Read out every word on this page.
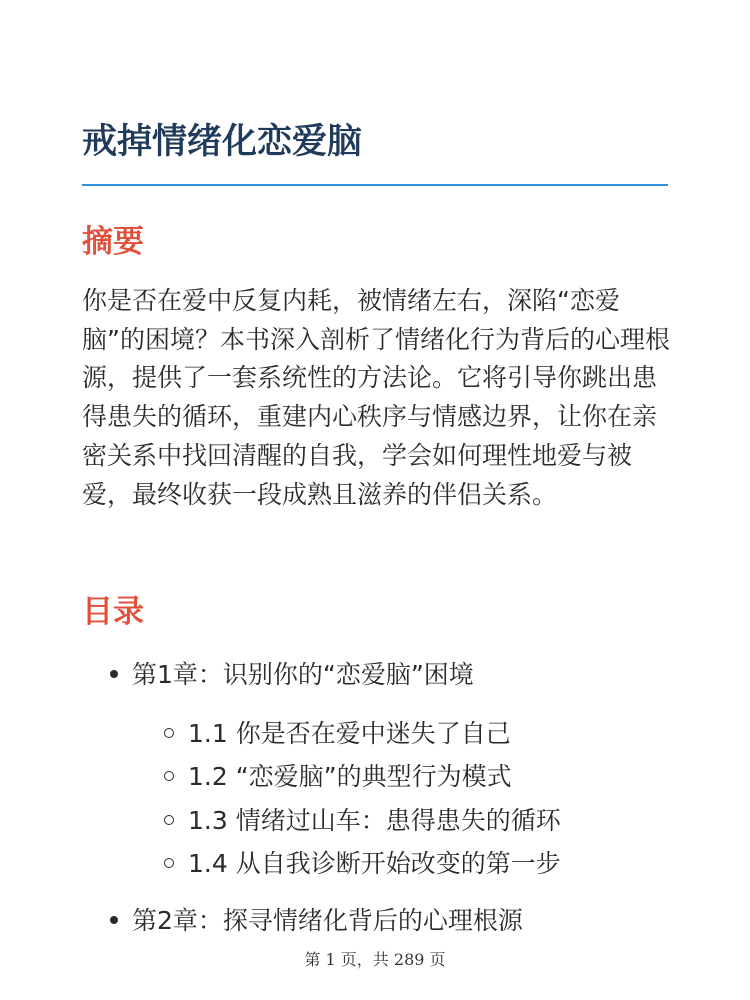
戒掉情绪化恋爱脑
摘要

你是否在爱中反复内耗，被情绪左右，深陷“恋爱脑”的困境？本书深入剖析了情绪化行为背后的心理根源，提供了一套系统性的方法论。它将引导你跳出患得患失的循环，重建内心秩序与情感边界，让你在亲密关系中找回清醒的自我，学会如何理性地爱与被爱，最终收获一段成熟且滋养的伴侣关系。

目录
第1章：识别你的“恋爱脑”困境
1.1 你是否在爱中迷失了自己
1.2 “恋爱脑”的典型行为模式
1.3 情绪过山车：患得患失的循环
1.4 从自我诊断开始改变的第一步
第2章：探寻情绪化背后的心理根源
第 1 页，共 289 页
